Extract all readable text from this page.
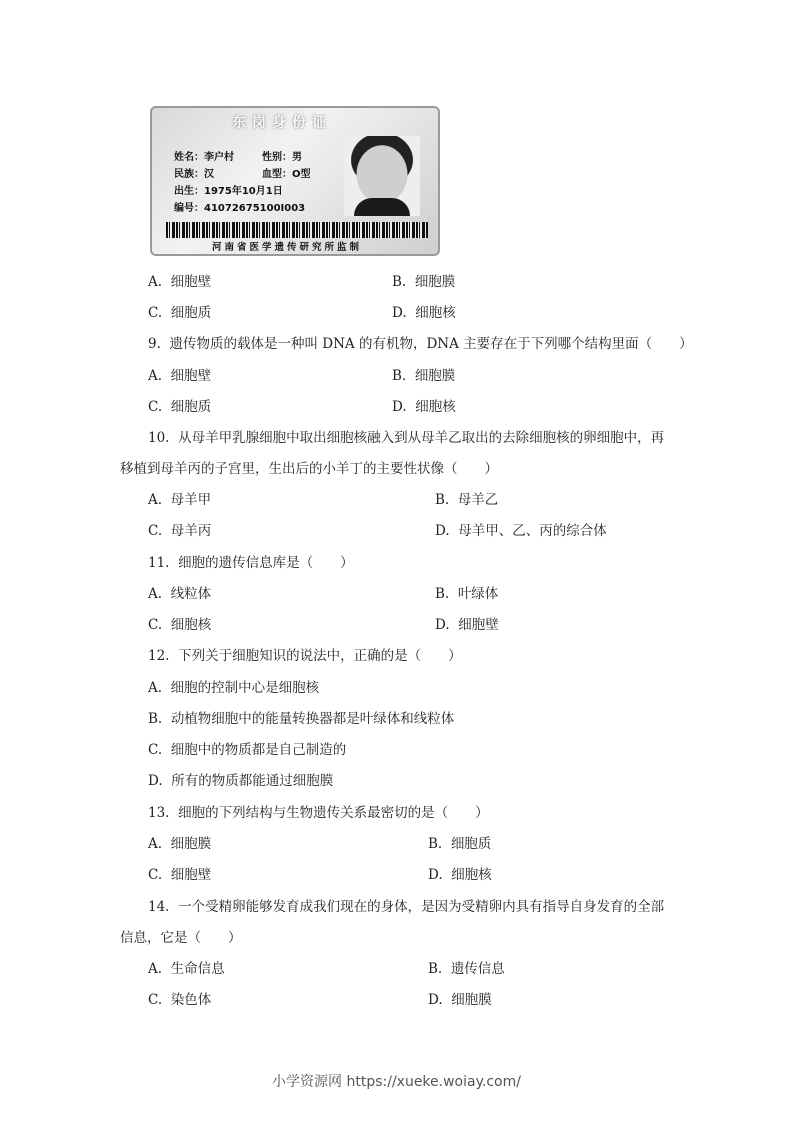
东岗身份证
姓名：李户村	性别：男
民族：汉	血型：O型
出生：1975年10月1日
编号：41072675100I003
河南省医学遗传研究所监制
A. 细胞壁	B. 细胞膜
C. 细胞质	D. 细胞核
9. 遗传物质的载体是一种叫 DNA 的有机物，DNA 主要存在于下列哪个结构里面（　　）
A. 细胞壁	B. 细胞膜
C. 细胞质	D. 细胞核
10. 从母羊甲乳腺细胞中取出细胞核融入到从母羊乙取出的去除细胞核的卵细胞中，再
移植到母羊丙的子宫里，生出后的小羊丁的主要性状像（　　）
A. 母羊甲	B. 母羊乙
C. 母羊丙	D. 母羊甲、乙、丙的综合体
11. 细胞的遗传信息库是（　　）
A. 线粒体	B. 叶绿体
C. 细胞核	D. 细胞壁
12. 下列关于细胞知识的说法中，正确的是（　　）
A. 细胞的控制中心是细胞核
B. 动植物细胞中的能量转换器都是叶绿体和线粒体
C. 细胞中的物质都是自己制造的
D. 所有的物质都能通过细胞膜
13. 细胞的下列结构与生物遗传关系最密切的是（　　）
A. 细胞膜	B. 细胞质
C. 细胞壁	D. 细胞核
14. 一个受精卵能够发育成我们现在的身体，是因为受精卵内具有指导自身发育的全部
信息，它是（　　）
A. 生命信息	B. 遗传信息
C. 染色体	D. 细胞膜
小学资源网 https://xueke.woiay.com/
